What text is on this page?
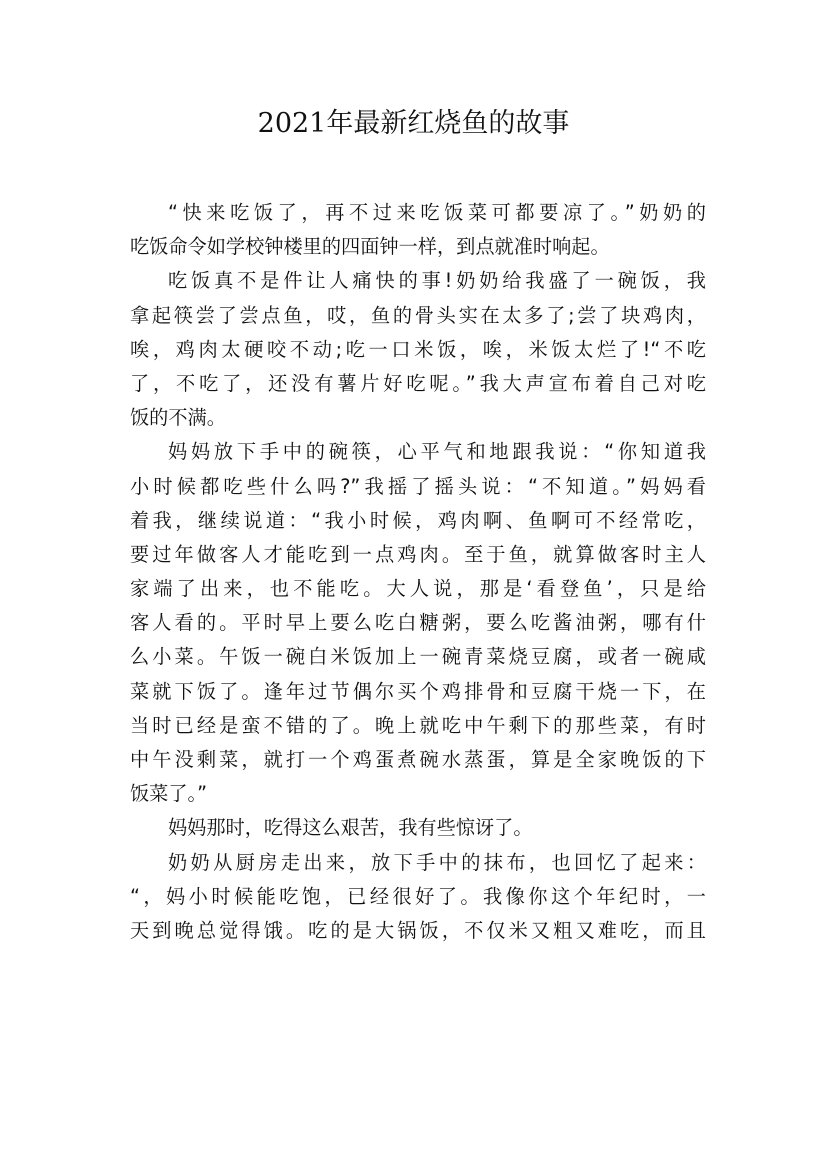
2021年最新红烧鱼的故事
“快来吃饭了，再不过来吃饭菜可都要凉了。”奶奶的
吃饭命令如学校钟楼里的四面钟一样，到点就准时响起。
吃饭真不是件让人痛快的事!奶奶给我盛了一碗饭，我
拿起筷尝了尝点鱼，哎，鱼的骨头实在太多了;尝了块鸡肉，
唉，鸡肉太硬咬不动;吃一口米饭，唉，米饭太烂了!“不吃
了，不吃了，还没有薯片好吃呢。”我大声宣布着自己对吃
饭的不满。
妈妈放下手中的碗筷，心平气和地跟我说：“你知道我
小时候都吃些什么吗?”我摇了摇头说：“不知道。”妈妈看
着我，继续说道：“我小时候，鸡肉啊、鱼啊可不经常吃，
要过年做客人才能吃到一点鸡肉。至于鱼，就算做客时主人
家端了出来，也不能吃。大人说，那是‘看登鱼’，只是给
客人看的。平时早上要么吃白糖粥，要么吃酱油粥，哪有什
么小菜。午饭一碗白米饭加上一碗青菜烧豆腐，或者一碗咸
菜就下饭了。逢年过节偶尔买个鸡排骨和豆腐干烧一下，在
当时已经是蛮不错的了。晚上就吃中午剩下的那些菜，有时
中午没剩菜，就打一个鸡蛋煮碗水蒸蛋，算是全家晚饭的下
饭菜了。”
妈妈那时，吃得这么艰苦，我有些惊讶了。
奶奶从厨房走出来，放下手中的抹布，也回忆了起来：
“，妈小时候能吃饱，已经很好了。我像你这个年纪时，一
天到晚总觉得饿。吃的是大锅饭，不仅米又粗又难吃，而且
